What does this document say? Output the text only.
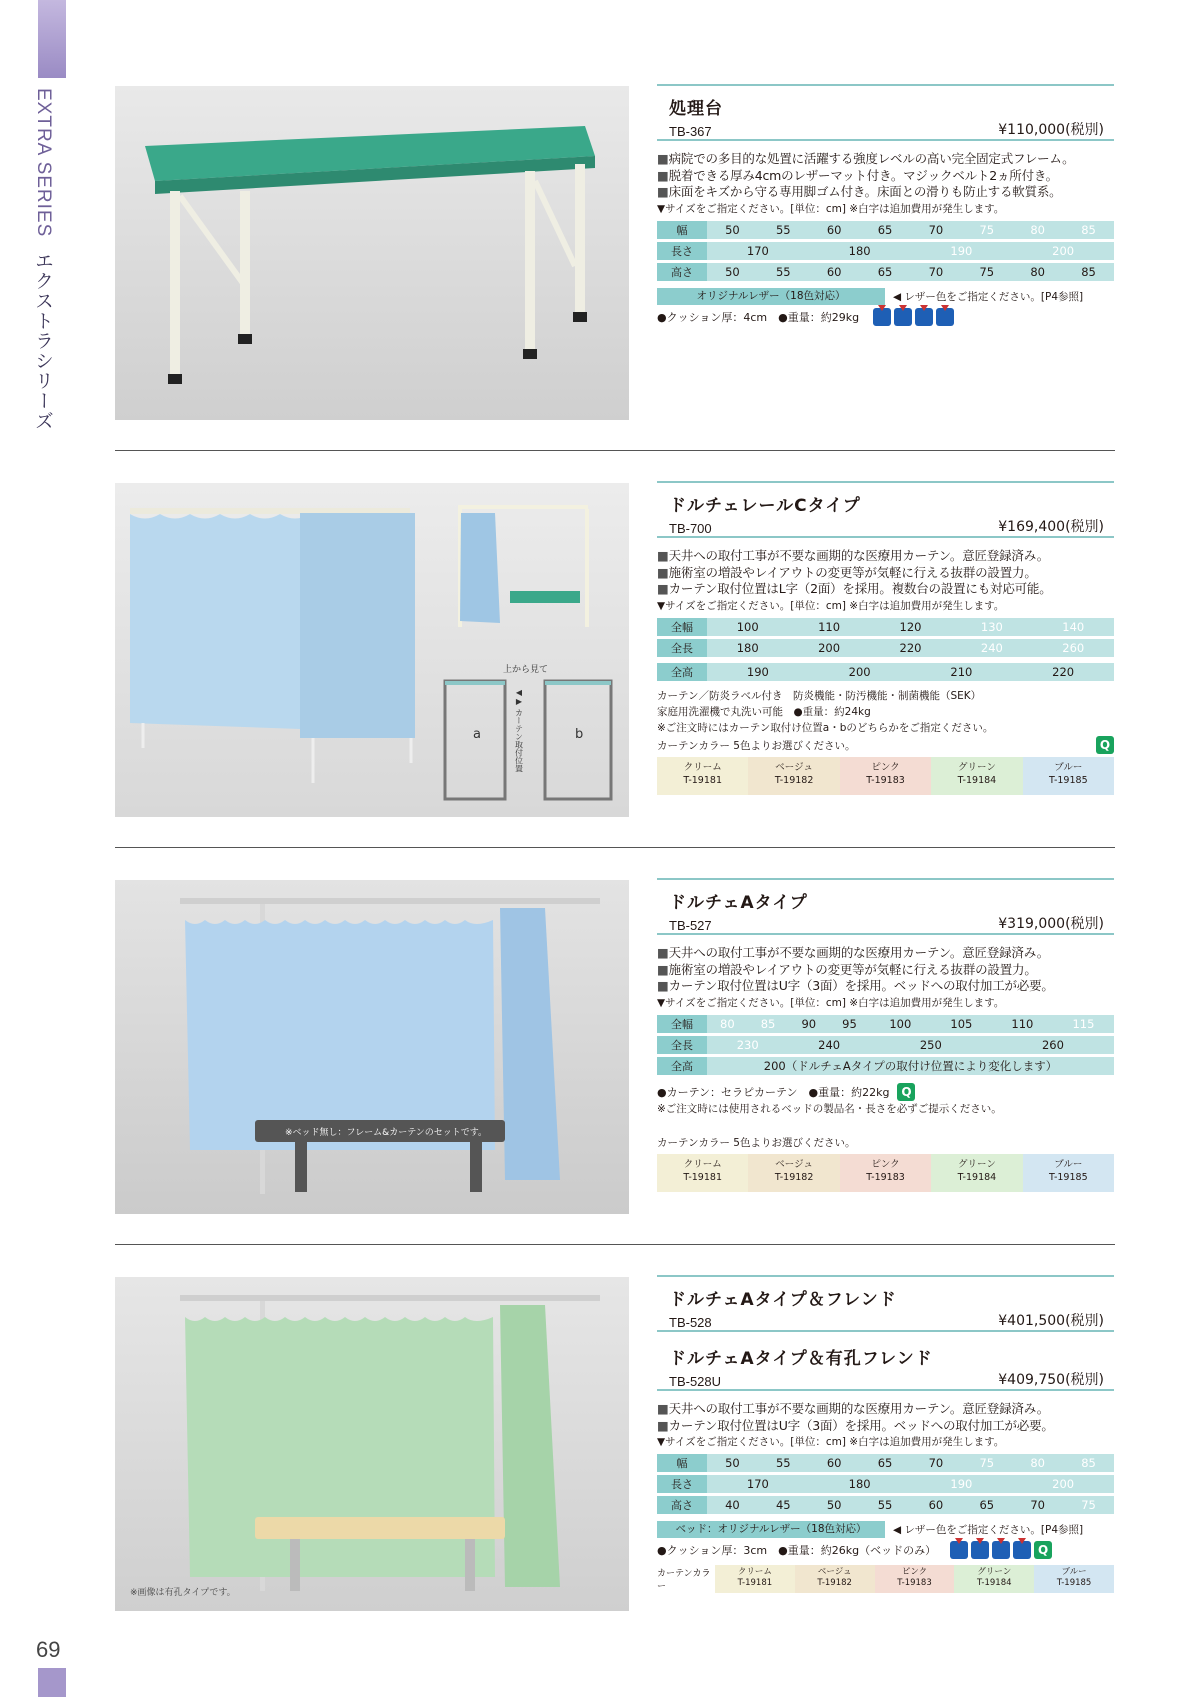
EXTRA SERIESエクストラシリーズ
69
処理台
TB-367	¥110,000(税別)
■ 病院での多目的な処置に活躍する強度レベルの高い完全固定式フレーム。
■ 脱着できる厚み4cmのレザーマット付き。マジックベルト2ヵ所付き。
■ 床面をキズから守る専用脚ゴム付き。床面との滑りも防止する軟質系。
▼サイズをご指定ください。[単位：cm] ※白字は追加費用が発生します。
幅	50	55	60	65	70	75	80	85
長さ	170		180		190		200	
高さ	50	55	60	65	70	75	80	85
オリジナルレザー（18色対応）	◀ レザー色をご指定ください。[P4参照]
●クッション厚：4cm　●重量：約29kg
上から見て
a	b
◀▶ カーテン取付位置
ドルチェレールCタイプ
TB-700	¥169,400(税別)
■ 天井への取付工事が不要な画期的な医療用カーテン。意匠登録済み。
■ 施術室の増設やレイアウトの変更等が気軽に行える抜群の設置力。
■ カーテン取付位置はL字（2面）を採用。複数台の設置にも対応可能。
▼サイズをご指定ください。[単位：cm] ※白字は追加費用が発生します。
全幅	100	110	120	130	140
全長	180	200	220	240	260
全高	190	200	210	220
カーテン／防炎ラベル付き　防炎機能・防汚機能・制菌機能（SEK）
家庭用洗濯機で丸洗い可能　●重量：約24kg
※ご注文時にはカーテン取付け位置a・bのどちらかをご指定ください。
カーテンカラー 5色よりお選びください。	Q
クリーム
T-19181
ベージュ
T-19182
ピンク
T-19183
グリーン
T-19184
ブルー
T-19185
※ベッド無し：フレーム&カーテンのセットです。
ドルチェAタイプ
TB-527	¥319,000(税別)
■ 天井への取付工事が不要な画期的な医療用カーテン。意匠登録済み。
■ 施術室の増設やレイアウトの変更等が気軽に行える抜群の設置力。
■ カーテン取付位置はU字（3面）を採用。ベッドへの取付加工が必要。
▼サイズをご指定ください。[単位：cm] ※白字は追加費用が発生します。
全幅	80	85	90	95	100	105	110	115
全長	230		240		250		260	
全高	200（ドルチェAタイプの取付け位置により変化します）							
●カーテン：セラピカーテン　●重量：約22kg Q
※ご注文時には使用されるベッドの製品名・長さを必ずご提示ください。
カーテンカラー 5色よりお選びください。
クリーム
T-19181
ベージュ
T-19182
ピンク
T-19183
グリーン
T-19184
ブルー
T-19185
※画像は有孔タイプです。
ドルチェAタイプ＆フレンド
TB-528	¥401,500(税別)
ドルチェAタイプ＆有孔フレンド
TB-528U	¥409,750(税別)
■ 天井への取付工事が不要な画期的な医療用カーテン。意匠登録済み。
■ カーテン取付位置はU字（3面）を採用。ベッドへの取付加工が必要。
▼サイズをご指定ください。[単位：cm] ※白字は追加費用が発生します。
幅	50	55	60	65	70	75	80	85
長さ	170		180		190		200	
高さ	40	45	50	55	60	65	70	75
ベッド：オリジナルレザー（18色対応）	◀ レザー色をご指定ください。[P4参照]
●クッション厚：3cm　●重量：約26kg（ベッドのみ）	Q
カーテンカラー
クリーム
T-19181
ベージュ
T-19182
ピンク
T-19183
グリーン
T-19184
ブルー
T-19185
